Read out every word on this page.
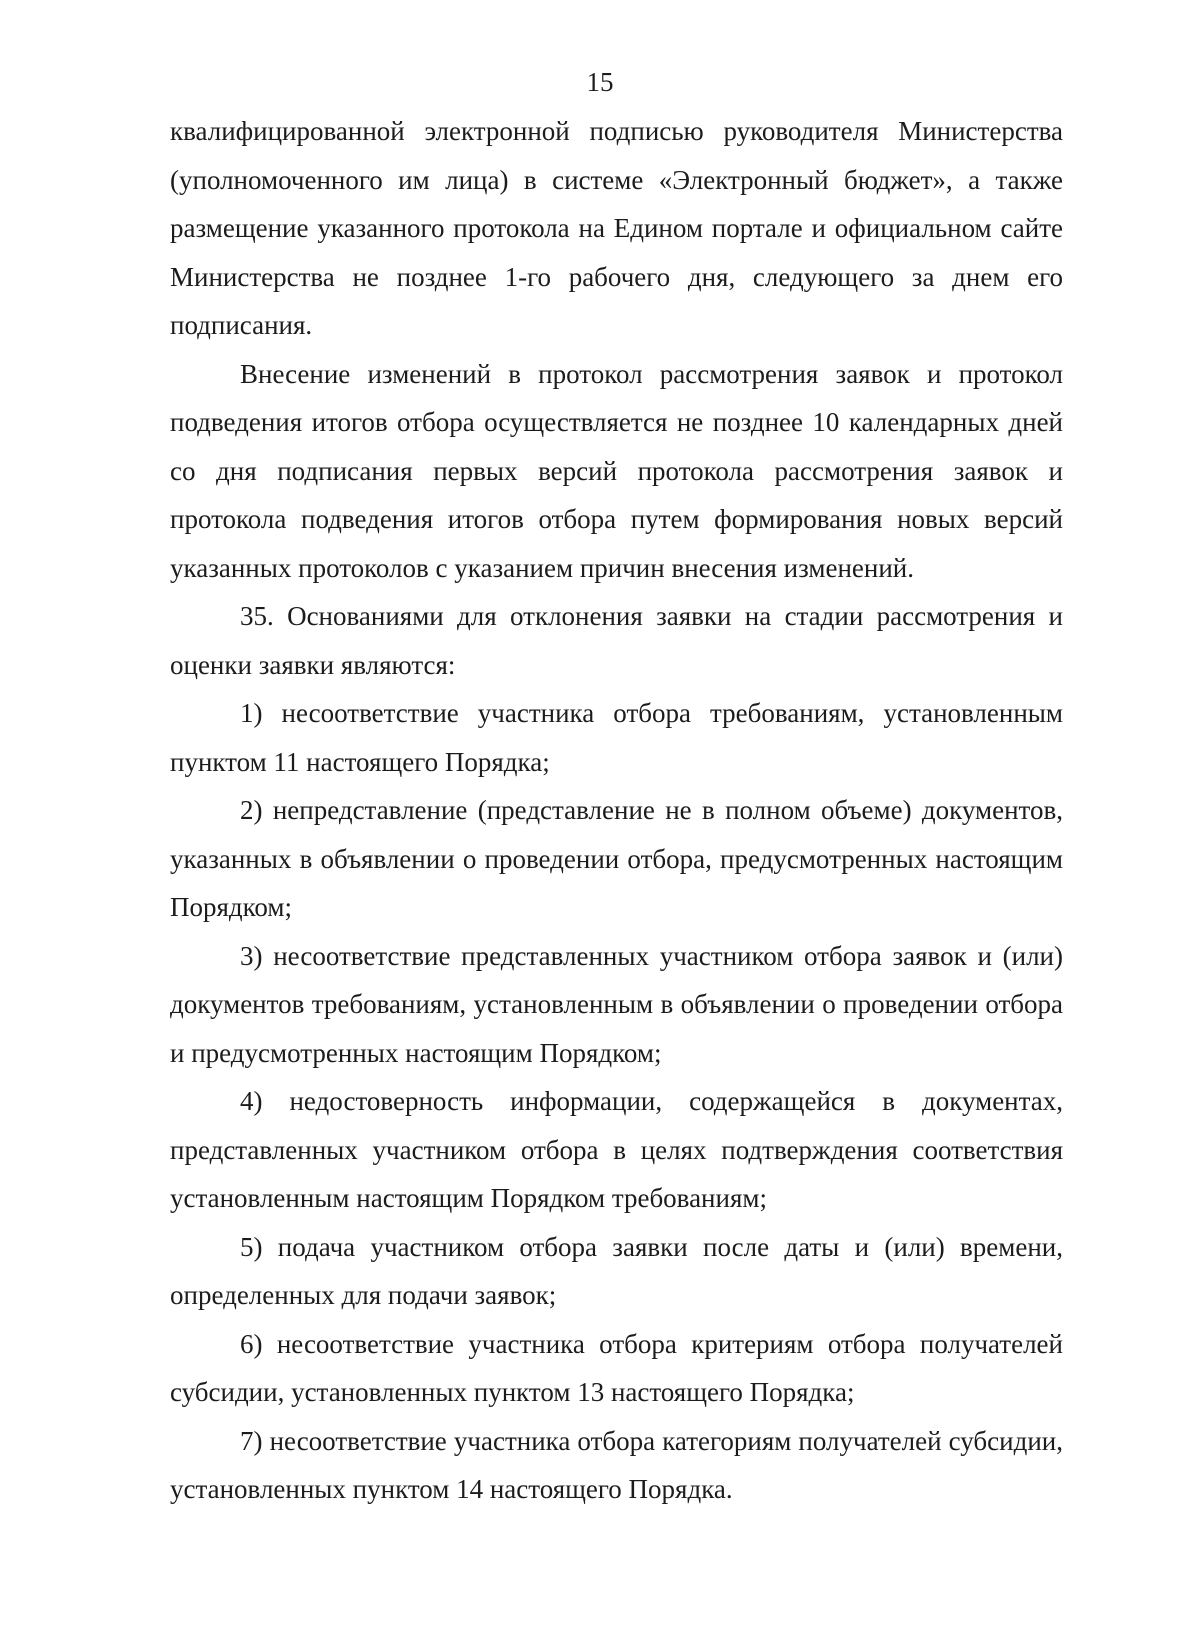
15

квалифицированной электронной подписью руководителя Министерства (уполномоченного им лица) в системе «Электронный бюджет», а также размещение указанного протокола на Едином портале и официальном сайте Министерства не позднее 1-го рабочего дня, следующего за днем его подписания.

Внесение изменений в протокол рассмотрения заявок и протокол подведения итогов отбора осуществляется не позднее 10 календарных дней со дня подписания первых версий протокола рассмотрения заявок и протокола подведения итогов отбора путем формирования новых версий указанных протоколов с указанием причин внесения изменений.

35. Основаниями для отклонения заявки на стадии рассмотрения и оценки заявки являются:

1) несоответствие участника отбора требованиям, установленным пунктом 11 настоящего Порядка;

2) непредставление (представление не в полном объеме) документов, указанных в объявлении о проведении отбора, предусмотренных настоящим Порядком;

3) несоответствие представленных участником отбора заявок и (или) документов требованиям, установленным в объявлении о проведении отбора и предусмотренных настоящим Порядком;

4) недостоверность информации, содержащейся в документах, представленных участником отбора в целях подтверждения соответствия установленным настоящим Порядком требованиям;

5) подача участником отбора заявки после даты и (или) времени, определенных для подачи заявок;

6) несоответствие участника отбора критериям отбора получателей субсидии, установленных пунктом 13 настоящего Порядка;

7) несоответствие участника отбора категориям получателей субсидии, установленных пунктом 14 настоящего Порядка.
